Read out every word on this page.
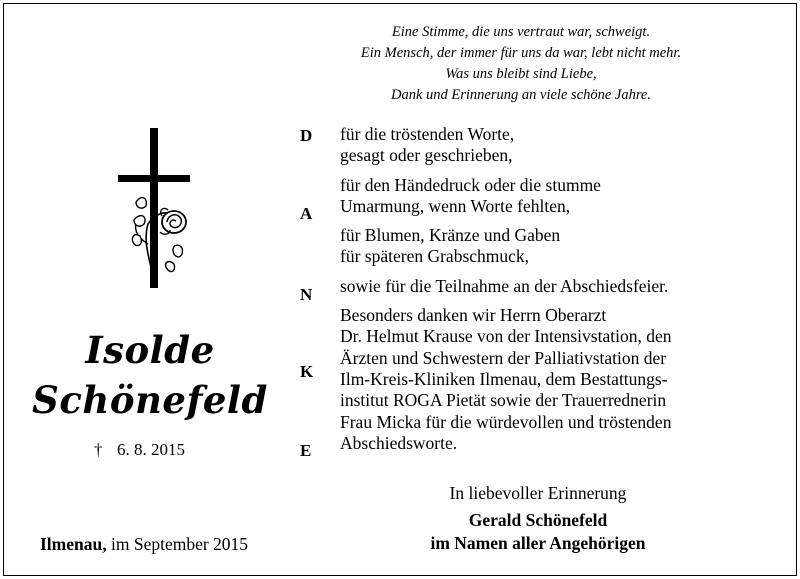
Eine Stimme, die uns vertraut war, schweigt.
Ein Mensch, der immer für uns da war, lebt nicht mehr.
Was uns bleibt sind Liebe,
Dank und Erinnerung an viele schöne Jahre.
Isolde
Schönefeld
† 6. 8. 2015
D
A
N
K
E
für die tröstenden Worte,
gesagt oder geschrieben,
für den Händedruck oder die stumme
Umarmung, wenn Worte fehlten,
für Blumen, Kränze und Gaben
für späteren Grabschmuck,
sowie für die Teilnahme an der Abschiedsfeier.
Besonders danken wir Herrn Oberarzt
Dr. Helmut Krause von der Intensivstation, den
Ärzten und Schwestern der Palliativstation der
Ilm-Kreis-Kliniken Ilmenau, dem Bestattungs-
institut ROGA Pietät sowie der Trauerrednerin
Frau Micka für die würdevollen und tröstenden
Abschiedsworte.
Ilmenau, im September 2015
In liebevoller Erinnerung
Gerald Schönefeld
im Namen aller Angehörigen
